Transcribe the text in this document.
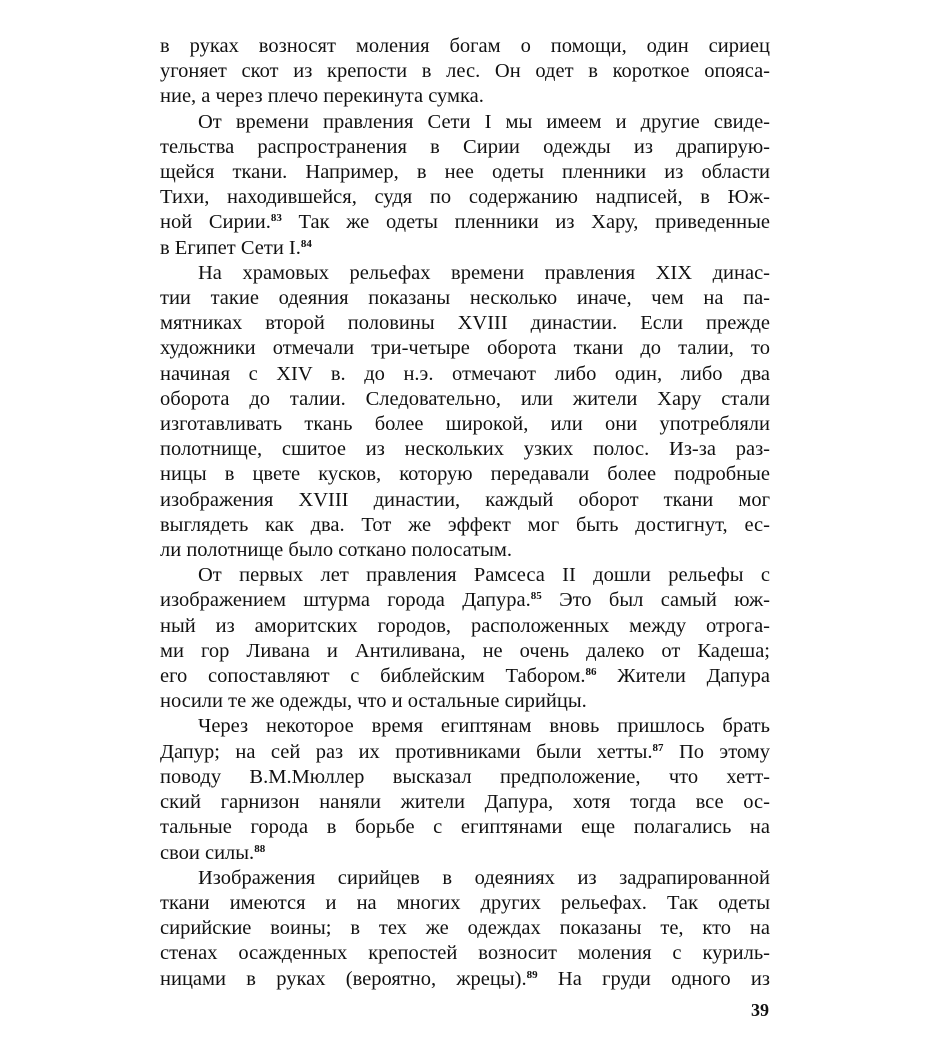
в руках возносят моления богам о помощи, один сириец
угоняет скот из крепости в лес. Он одет в короткое опояса-
ние, а через плечо перекинута сумка.

От времени правления Сети I мы имеем и другие свиде-
тельства распространения в Сирии одежды из драпирую-
щейся ткани. Например, в нее одеты пленники из области
Тихи, находившейся, судя по содержанию надписей, в Юж-
ной Сирии.$^{83}$ Так же одеты пленники из Хару, приведенные
в Египет Сети I.$^{84}$

На храмовых рельефах времени правления XIX динас-
тии такие одеяния показаны несколько иначе, чем на па-
мятниках второй половины XVIII династии. Если прежде
художники отмечали три-четыре оборота ткани до талии, то
начиная с XIV в. до н.э. отмечают либо один, либо два
оборота до талии. Следовательно, или жители Хару стали
изготавливать ткань более широкой, или они употребляли
полотнище, сшитое из нескольких узких полос. Из-за раз-
ницы в цвете кусков, которую передавали более подробные
изображения XVIII династии, каждый оборот ткани мог
выглядеть как два. Тот же эффект мог быть достигнут, ес-
ли полотнище было соткано полосатым.

От первых лет правления Рамсеса II дошли рельефы с
изображением штурма города Дапура.$^{85}$ Это был самый юж-
ный из аморитских городов, расположенных между отрога-
ми гор Ливана и Антиливана, не очень далеко от Кадеша;
его сопоставляют с библейским Табором.$^{86}$ Жители Дапура
носили те же одежды, что и остальные сирийцы.

Через некоторое время египтянам вновь пришлось брать
Дапур; на сей раз их противниками были хетты.$^{87}$ По этому
поводу В.М.Мюллер высказал предположение, что хетт-
ский гарнизон наняли жители Дапура, хотя тогда все ос-
тальные города в борьбе с египтянами еще полагались на
свои силы.$^{88}$

Изображения сирийцев в одеяниях из задрапированной
ткани имеются и на многих других рельефах. Так одеты
сирийские воины; в тех же одеждах показаны те, кто на
стенах осажденных крепостей возносит моления с куриль-
ницами в руках (вероятно, жрецы).$^{89}$ На груди одного из

39
